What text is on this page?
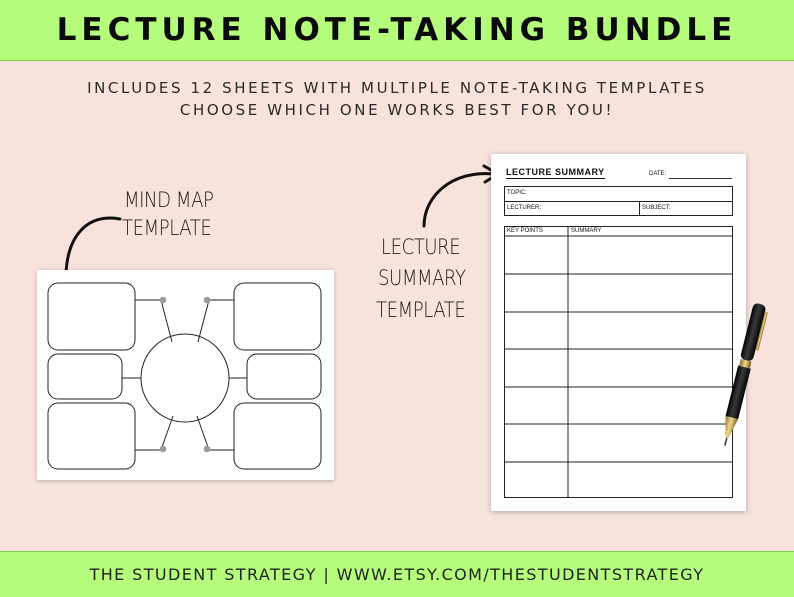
LECTURE NOTE-TAKING BUNDLE
INCLUDES 12 SHEETS WITH MULTIPLE NOTE-TAKING TEMPLATES
CHOOSE WHICH ONE WORKS BEST FOR YOU!
MIND MAP
TEMPLATE
LECTURE
SUMMARY
TEMPLATE
LECTURE SUMMARY	DATE:
TOPIC:
LECTURER:	SUBJECT:
KEY POINTS	SUMMARY
THE STUDENT STRATEGY | WWW.ETSY.COM/THESTUDENTSTRATEGY
